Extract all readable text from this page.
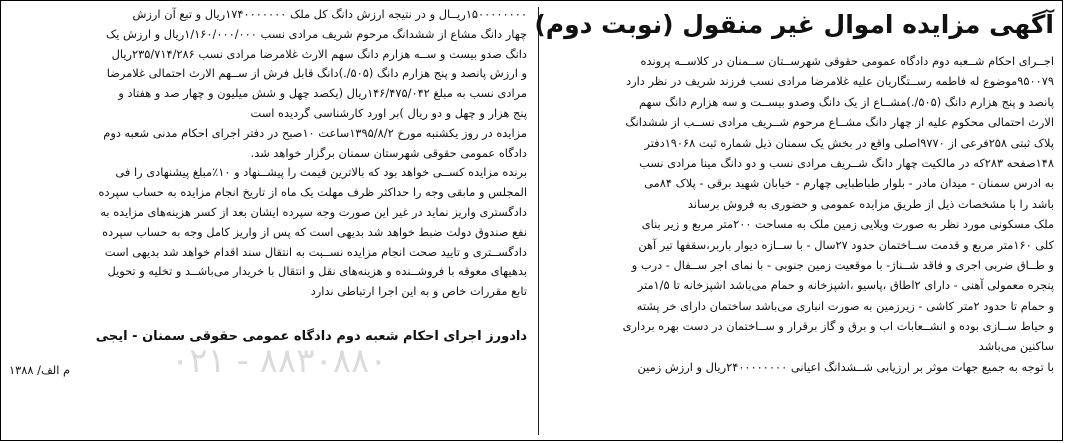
آگهی مزایده اموال غیر منقول (نوبت دوم)
اجــرای احکام شــعبه دوم دادگاه عمومی حقوقی شهرســتان ســمنان در کلاســه پرونده
۹۵۰۰۷۹موضوع له فاطمه رســتگاریان علیه غلامرضا مرادی نسب فرزند شریف در نظر دارد
پانصد و پنج هزارم دانگ (۵۰۵/.)مشــاع از یک دانگ وصدو بیســت و سه هزارم دانگ سهم
الارث احتمالی محکوم علیه از چهار دانگ مشــاع مرحوم شــریف مرادی نســب از ششدانگ
پلاک ثبتی ۲۵۸فرعی از ۹۷۷۰اصلی واقع در بخش یک سمنان ذیل شماره ثبت ۱۹۰۶۸دفتر
۱۴۸صفحه ۲۸۳که در مالکیت چهار دانگ شــریف مرادی نسب و دو دانگ مینا مرادی نسب
به ادرس سمنان - میدان مادر - بلوار طباطبایی چهارم - خیابان شهید برقی - پلاک ۸۴می
باشد را با مشخصات ذیل از طریق مزایده عمومی و حضوری به فروش برساند
ملک مسکونی مورد نظر به صورت ویلایی زمین ملک به مساحت ۲۰۰متر مربع و زیر بنای
کلی ۱۶۰متر مربع و قدمت ســاختمان حدود ۲۷سال - با ســازه دیوار باربر،سقفها تیر آهن
و طــاق ضربی اجری و فاقد شــناژ- با موقعیت زمین جنوبی - با نمای اجر ســفال - درب و
پنجره معمولی آهنی - دارای ۲اطاق ،پاسیو ،اشپزخانه و حمام می‌باشد اشپزخانه تا ۱/۵متر
و حمام تا حدود ۲متر کاشی - زیرزمین به صورت انباری می‌باشد ساختمان دارای خر پشته
و حیاط ســازی بوده و انشــعابات اب و برق و گاز برقرار و ســاختمان در دست بهره برداری
ساکنین می‌باشد
با توجه به جمیع جهات موثر بر ارزیابی شــشدانگ اعیانی ۲۴۰۰۰۰۰۰۰۰ریال و ارزش زمین
۱۵۰۰۰۰۰۰۰۰ریــال و در نتیجه ارزش دانگ کل ملک ۱۷۴۰۰۰۰۰۰۰ریال و تبع آن ارزش
چهار دانگ مشاع از ششدانگ مرحوم شریف مرادی نسب ۱/۱۶۰/۰۰۰/۰۰۰ریال و ارزش یک
دانگ صدو بیست و ســه هزارم دانگ سهم الارث غلامرضا مرادی نسب ۲۳۵/۷۱۴/۲۸۶ریال
و ارزش پانصد و پنج هزارم دانگ (۵۰۵/.)دانگ قابل فرش از ســهم الارث احتمالی غلامرضا
مرادی نسب به مبلغ ۱۴۶/۴۷۵/۰۴۲ریال (یکصد چهل و شش میلیون و چهار صد و هفتاد و
پنج هزار و چهل و دو ریال )بر اورد کارشناسی گردیده است
مزایده در روز یکشنبه مورخ ۱۳۹۵/۸/۲ساعت ۱۰صبح در دفتر اجرای احکام مدنی شعبه دوم
دادگاه عمومی حقوقی شهرستان سمنان برگزار خواهد شد.
برنده مزایده کســی خواهد بود که بالاترین قیمت را پیشــنهاد و ۱۰٪مبلغ پیشنهادی را فی
المجلس و مابقی وجه را حداکثر ظرف مهلت یک ماه از تاریخ انجام مزایده به حساب سپرده
دادگستری واریز نماید در غیر این صورت وجه سپرده ایشان بعد از کسر هزینه‌های مزایده به
نفع صندوق دولت ضبط خواهد شد بدیهی است که پس از واریز کامل وجه به حساب سپرده
دادگســتری و تایید صحت انجام مزایده نســبت به انتقال سند اقدام خواهد شد بدیهی است
بدهیهای معوقه با فروشــنده و هزینه‌های نقل و انتقال با خریدار می‌باشــد و تخلیه و تحویل
تابع مقررات خاص و به این اجرا ارتباطی ندارد
دادورز اجرای احکام شعبه دوم دادگاه عمومی حقوقی سمنان - ایجی
م الف/ ۱۳۸۸	۰۲۱ - ۸۸۳۰۸۸۰
